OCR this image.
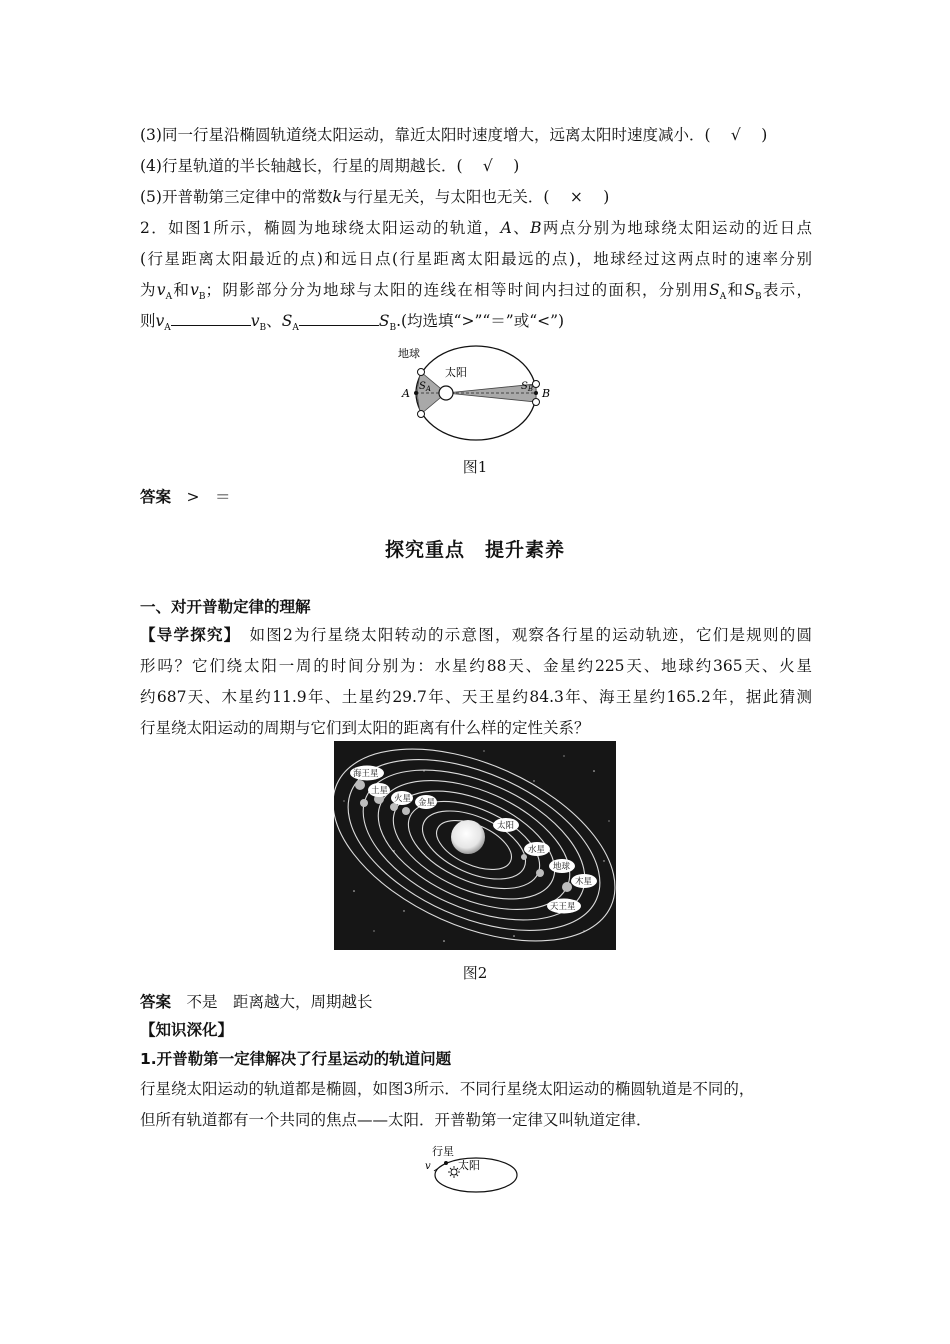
(3)同一行星沿椭圆轨道绕太阳运动，靠近太阳时速度增大，远离太阳时速度减小．(　 √　 )
(4)行星轨道的半长轴越长，行星的周期越长．(　 √　 )
(5)开普勒第三定律中的常数k与行星无关，与太阳也无关．(　 ×　 )
2．如图1所示，椭圆为地球绕太阳运动的轨道，A、B两点分别为地球绕太阳运动的近日点
(行星距离太阳最近的点)和远日点(行星距离太阳最远的点)，地球经过这两点时的速率分别
为$v_A$和$v_B$；阴影部分分为地球与太阳的连线在相等时间内扫过的面积，分别用$S_A$和$S_B$表示，
则$v_A$	$v_B$、$S_A$	$S_B$.(均选填“>”“＝”或“<”)
地球
太阳
A	B
$S_A$	$S_B$
图1
答案　>　＝
探究重点　提升素养
一、对开普勒定律的理解
【导学探究】　如图2为行星绕太阳转动的示意图，观察各行星的运动轨迹，它们是规则的圆
形吗？它们绕太阳一周的时间分别为：水星约88天、金星约225天、地球约365天、火星
约687天、木星约11.9年、土星约29.7年、天王星约84.3年、海王星约165.2年，据此猜测
行星绕太阳运动的周期与它们到太阳的距离有什么样的定性关系？
海王星
土星
火星 金星
太阳
水星
地球
木星
天王星
图2
答案　不是　距离越大，周期越长
【知识深化】
1.开普勒第一定律解决了行星运动的轨道问题
行星绕太阳运动的轨道都是椭圆，如图3所示．不同行星绕太阳运动的椭圆轨道是不同的，
但所有轨道都有一个共同的焦点——太阳．开普勒第一定律又叫轨道定律．
行星
太阳
v
